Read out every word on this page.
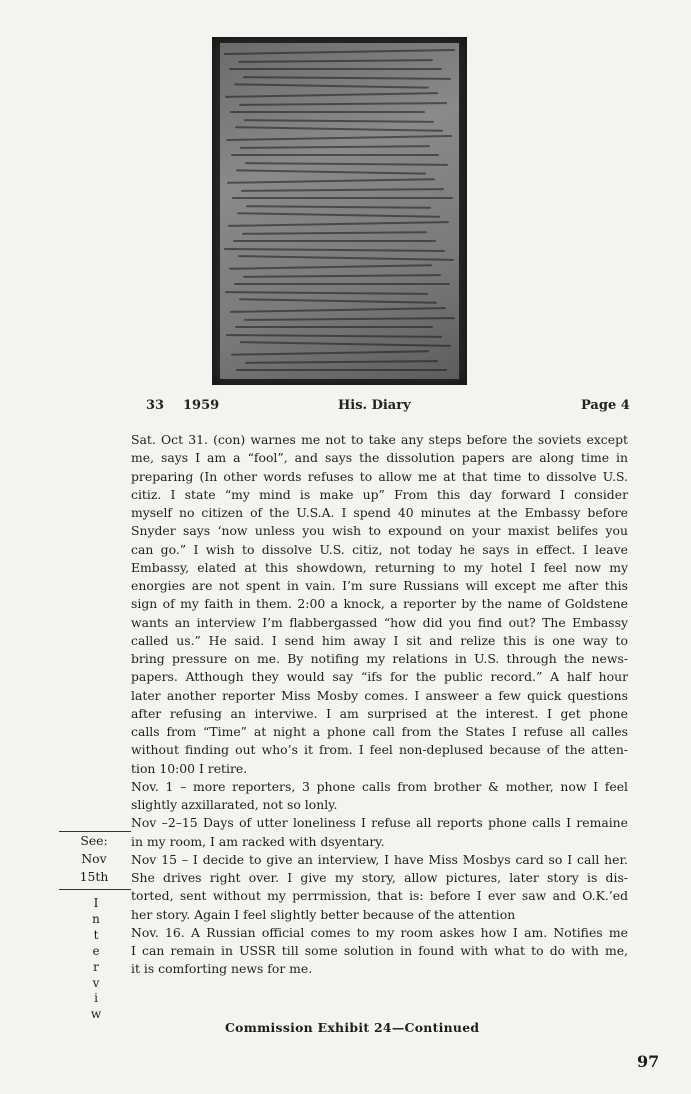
33 1959	His. Diary	Page 4
Sat. Oct 31. (con) warnes me not to take any steps before the soviets except
me, says I am a “fool”, and says the dissolution papers are along time in
preparing (In other words refuses to allow me at that time to dissolve U.S.
citiz. I state “my mind is make up” From this day forward I consider
myself no citizen of the U.S.A. I spend 40 minutes at the Embassy before
Snyder says ‘now unless you wish to expound on your maxist belifes you
can go.” I wish to dissolve U.S. citiz, not today he says in effect. I leave
Embassy, elated at this showdown, returning to my hotel I feel now my
enorgies are not spent in vain. I’m sure Russians will except me after this
sign of my faith in them. 2:00 a knock, a reporter by the name of Goldstene
wants an interview I’m flabbergassed “how did you find out? The Embassy
called us.” He said. I send him away I sit and relize this is one way to
bring pressure on me. By notifing my relations in U.S. through the news-
papers. Atthough they would say “ifs for the public record.” A half hour
later another reporter Miss Mosby comes. I answeer a few quick questions
after refusing an interviwe. I am surprised at the interest. I get phone
calls from “Time” at night a phone call from the States I refuse all calles
without finding out who’s it from. I feel non-deplused because of the atten-
tion 10:00 I retire.
Nov. 1 – more reporters, 3 phone calls from brother & mother, now I feel
slightly azxillarated, not so lonly.
Nov –2–15 Days of utter loneliness I refuse all reports phone calls I remaine
in my room, I am racked with dsyentary.
Nov 15 – I decide to give an interview, I have Miss Mosbys card so I call her.
She drives right over. I give my story, allow pictures, later story is dis-
torted, sent without my perrmission, that is: before I ever saw and O.K.’ed
her story. Again I feel slightly better because of the attention
Nov. 16. A Russian official comes to my room askes how I am. Notifies me
I can remain in USSR till some solution in found with what to do with me,
it is comforting news for me.
See:
Nov
15th
I
n
t
e
r
v
i
w
Commission Exhibit 24—Continued
97
